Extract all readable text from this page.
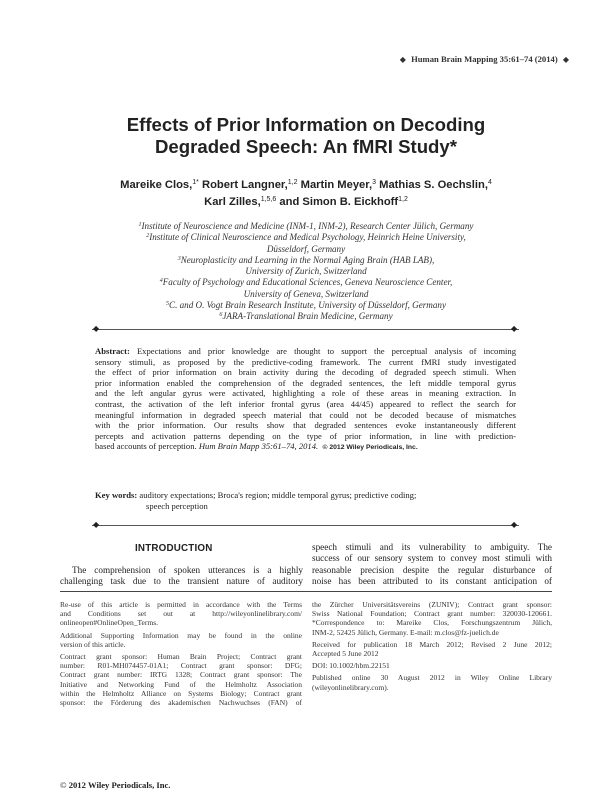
◆ Human Brain Mapping 35:61–74 (2014) ◆
Effects of Prior Information on Decoding
Degraded Speech: An fMRI Study*
Mareike Clos,$^{1*}$ Robert Langner,$^{1,2}$ Martin Meyer,$^3$ Mathias S. Oechslin,$^4$
Karl Zilles,$^{1,5,6}$ and Simon B. Eickhoff$^{1,2}$
$^1$Institute of Neuroscience and Medicine (INM-1, INM-2), Research Center Jülich, Germany
$^2$Institute of Clinical Neuroscience and Medical Psychology, Heinrich Heine University,
Düsseldorf, Germany
$^3$Neuroplasticity and Learning in the Normal Aging Brain (HAB LAB),
University of Zurich, Switzerland
$^4$Faculty of Psychology and Educational Sciences, Geneva Neuroscience Center,
University of Geneva, Switzerland
$^5$C. and O. Vogt Brain Research Institute, University of Düsseldorf, Germany
$^6$JARA-Translational Brain Medicine, Germany
◆	◆
Abstract: Expectations and prior knowledge are thought to support the perceptual analysis of incoming
sensory stimuli, as proposed by the predictive-coding framework. The current fMRI study investigated
the effect of prior information on brain activity during the decoding of degraded speech stimuli. When
prior information enabled the comprehension of the degraded sentences, the left middle temporal gyrus
and the left angular gyrus were activated, highlighting a role of these areas in meaning extraction. In
contrast, the activation of the left inferior frontal gyrus (area 44/45) appeared to reflect the search for
meaningful information in degraded speech material that could not be decoded because of mismatches
with the prior information. Our results show that degraded sentences evoke instantaneously different
percepts and activation patterns depending on the type of prior information, in line with prediction-
based accounts of perception. Hum Brain Mapp 35:61–74, 2014. © 2012 Wiley Periodicals, Inc.
Key words: auditory expectations; Broca's region; middle temporal gyrus; predictive coding;
speech perception
◆	◆
INTRODUCTION
The comprehension of spoken utterances is a highly
challenging task due to the transient nature of auditory
speech stimuli and its vulnerability to ambiguity. The
success of our sensory system to convey most stimuli with
reasonable precision despite the regular disturbance of
noise has been attributed to its constant anticipation of

Re-use of this article is permitted in accordance with the Terms
and Conditions set out at http://wileyonlinelibrary.com/
onlineopen#OnlineOpen_Terms.

Additional Supporting Information may be found in the online
version of this article.

Contract grant sponsor: Human Brain Project; Contract grant
number: R01-MH074457-01A1; Contract grant sponsor: DFG;
Contract grant number: IRTG 1328; Contract grant sponsor: The
Initiative and Networking Fund of the Helmholtz Association
within the Helmholtz Alliance on Systems Biology; Contract grant
sponsor: the Förderung des akademischen Nachwuchses (FAN) of

the Zürcher Universitätsvereins (ZUNIV); Contract grant sponsor:
Swiss National Foundation; Contract grant number: 320030-120661.
*Correspondence to: Mareike Clos, Forschungszentrum Jülich,
INM-2, 52425 Jülich, Germany. E-mail: m.clos@fz-juelich.de

Received for publication 18 March 2012; Revised 2 June 2012;
Accepted 5 June 2012

DOI: 10.1002/hbm.22151

Published online 30 August 2012 in Wiley Online Library
(wileyonlinelibrary.com).

© 2012 Wiley Periodicals, Inc.
